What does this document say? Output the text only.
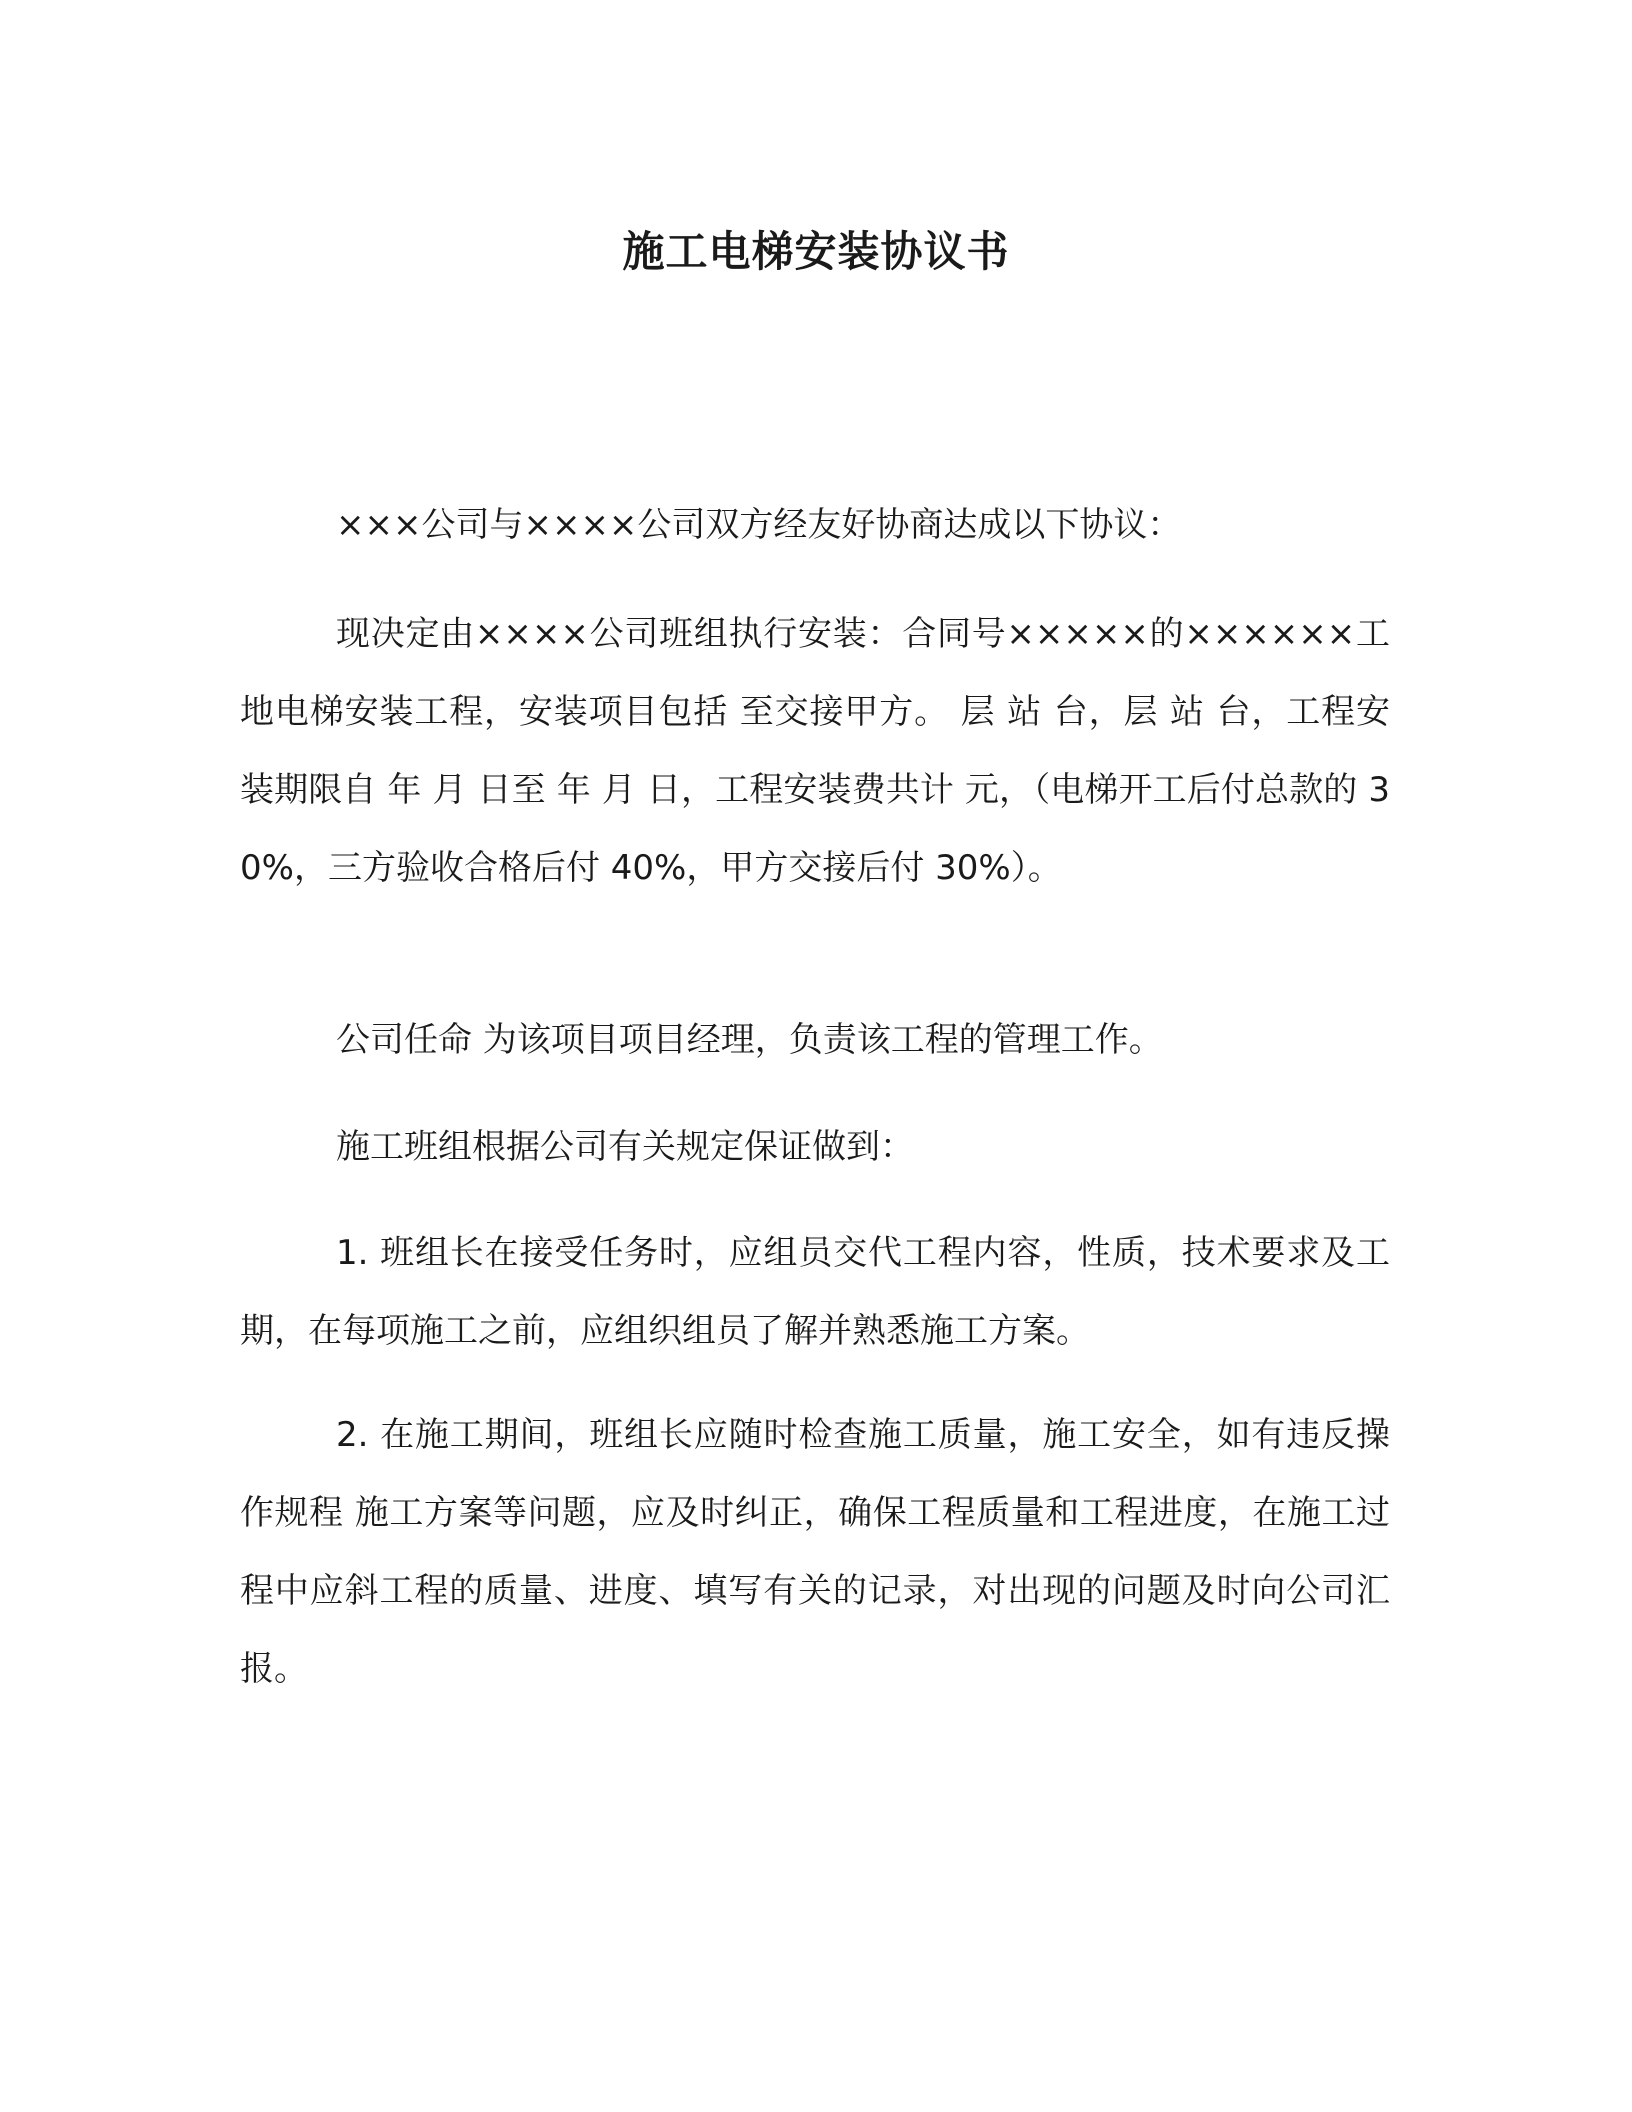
施工电梯安装协议书

×××公司与××××公司双方经友好协商达成以下协议：

现决定由××××公司班组执行安装：合同号×××××的××××××工地电梯安装工程，安装项目包括 至交接甲方。 层 站 台，层 站 台，工程安装期限自 年 月 日至 年 月 日，工程安装费共计 元，（电梯开工后付总款的 30%，三方验收合格后付 40%，甲方交接后付 30%）。

公司任命 为该项目项目经理，负责该工程的管理工作。

施工班组根据公司有关规定保证做到：

1. 班组长在接受任务时，应组员交代工程内容，性质，技术要求及工期，在每项施工之前，应组织组员了解并熟悉施工方案。

2. 在施工期间，班组长应随时检查施工质量，施工安全，如有违反操作规程 施工方案等问题，应及时纠正，确保工程质量和工程进度，在施工过程中应斜工程的质量、进度、填写有关的记录，对出现的问题及时向公司汇报。
